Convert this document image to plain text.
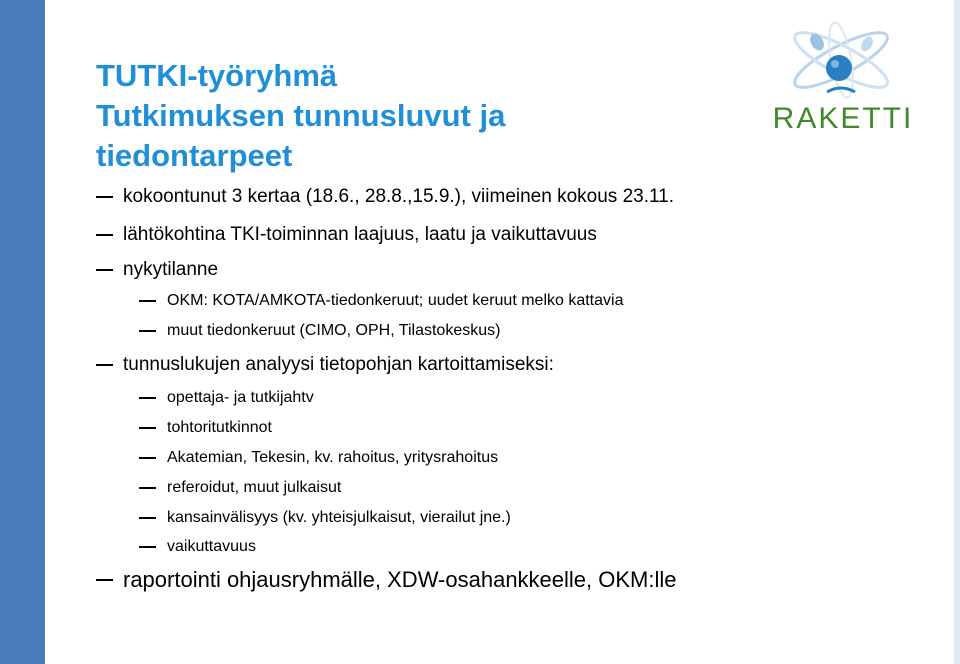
TUTKI-työryhmä
Tutkimuksen tunnusluvut ja
tiedontarpeet
RAKETTI
kokoontunut 3 kertaa (18.6., 28.8.,15.9.), viimeinen kokous 23.11.
lähtökohtina TKI-toiminnan laajuus, laatu ja vaikuttavuus
nykytilanne
OKM: KOTA/AMKOTA-tiedonkeruut; uudet keruut melko kattavia
muut tiedonkeruut (CIMO, OPH, Tilastokeskus)
tunnuslukujen analyysi tietopohjan kartoittamiseksi:
opettaja- ja tutkijahtv
tohtoritutkinnot
Akatemian, Tekesin, kv. rahoitus, yritysrahoitus
referoidut, muut julkaisut
kansainvälisyys (kv. yhteisjulkaisut, vierailut jne.)
vaikuttavuus
raportointi ohjausryhmälle, XDW-osahankkeelle, OKM:lle
